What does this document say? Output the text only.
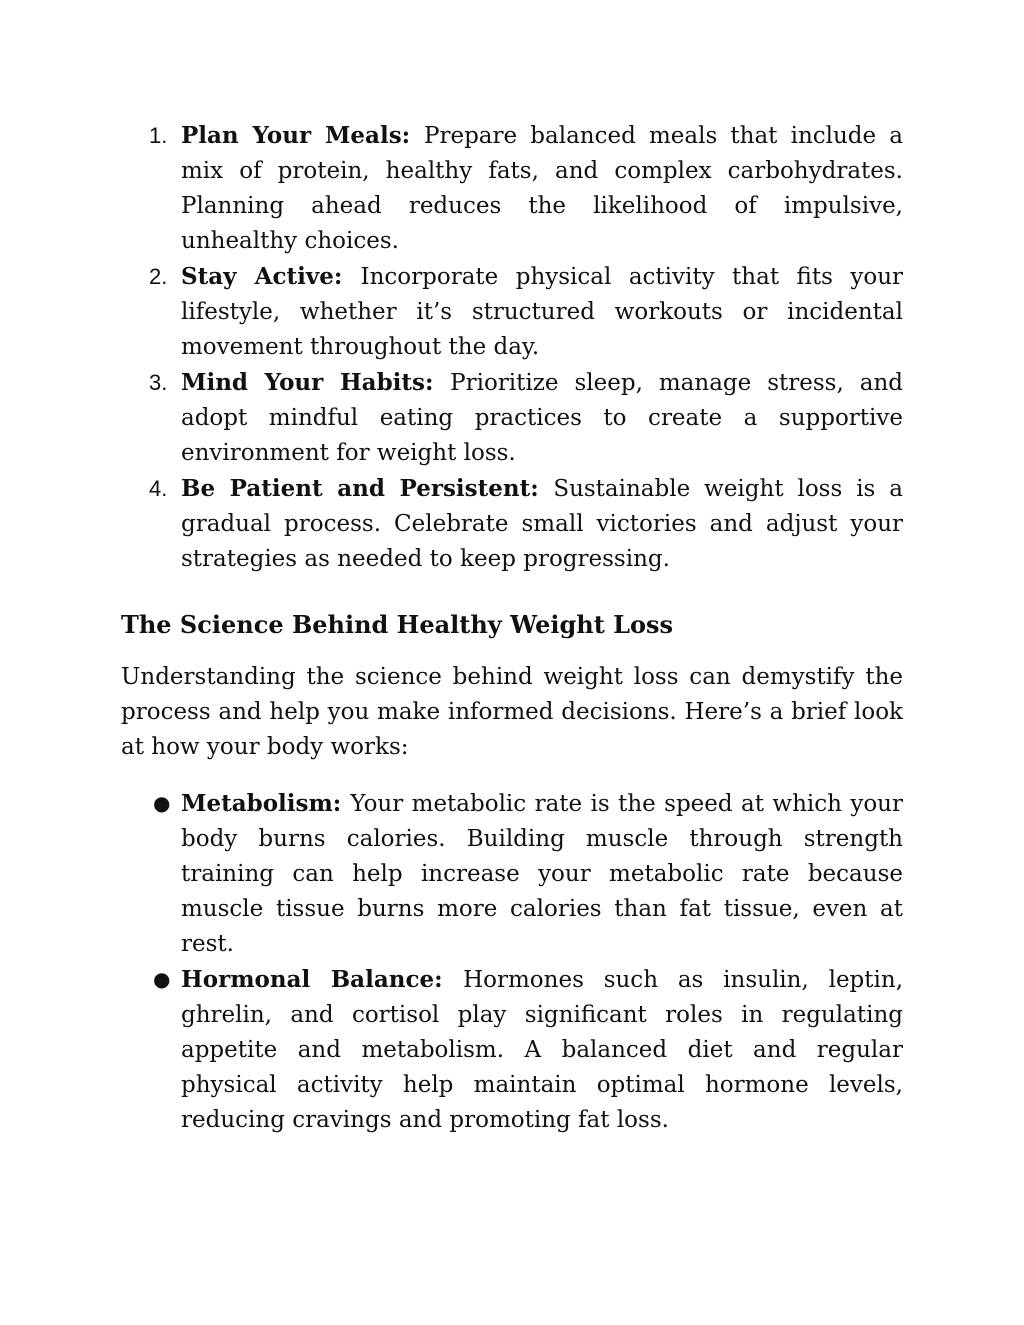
1. Plan Your Meals: Prepare balanced meals that include a mix of protein, healthy fats, and complex carbohydrates. Planning ahead reduces the likelihood of impulsive, unhealthy choices.
2. Stay Active: Incorporate physical activity that fits your lifestyle, whether it’s structured workouts or incidental movement throughout the day.
3. Mind Your Habits: Prioritize sleep, manage stress, and adopt mindful eating practices to create a supportive environment for weight loss.
4. Be Patient and Persistent: Sustainable weight loss is a gradual process. Celebrate small victories and adjust your strategies as needed to keep progressing.
The Science Behind Healthy Weight Loss

Understanding the science behind weight loss can demystify the process and help you make informed decisions. Here’s a brief look at how your body works:

● Metabolism: Your metabolic rate is the speed at which your body burns calories. Building muscle through strength training can help increase your metabolic rate because muscle tissue burns more calories than fat tissue, even at rest.
● Hormonal Balance: Hormones such as insulin, leptin, ghrelin, and cortisol play significant roles in regulating appetite and metabolism. A balanced diet and regular physical activity help maintain optimal hormone levels, reducing cravings and promoting fat loss.
